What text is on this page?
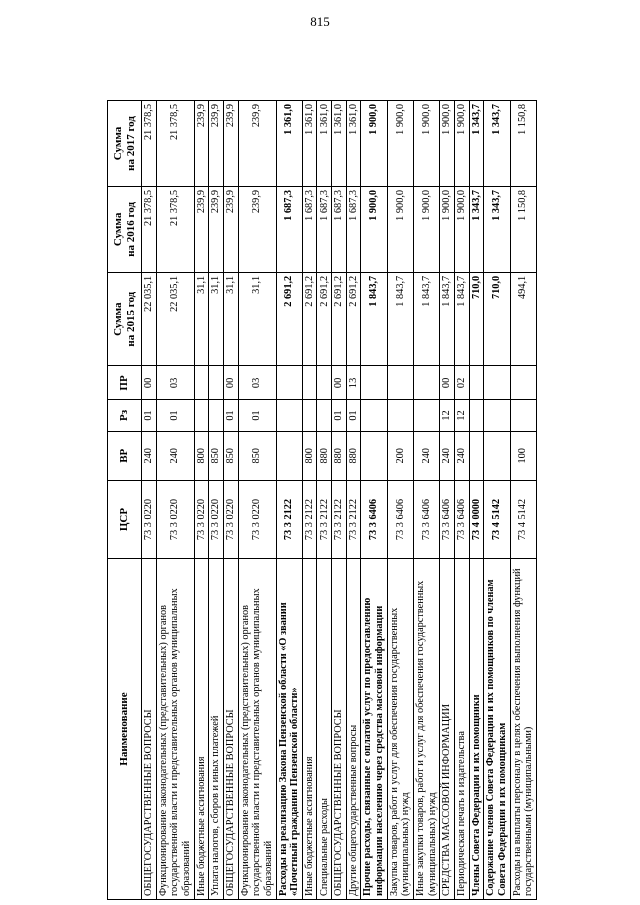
815
Наименование	ЦСР	ВР	Рз	ПР	Сумма на 2015 год	Сумма на 2016 год	Сумма на 2017 год

ОБЩЕГОСУДАРСТВЕННЫЕ ВОПРОСЫ	73 3 0220	240	01	00	22 035,1	21 378,5	21 378,5
Функционирование законодательных (представительных) органов государственной власти и представительных органов муниципальных образований	73 3 0220	240	01	03	22 035,1	21 378,5	21 378,5
Иные бюджетные ассигнования	73 3 0220	800			31,1	239,9	239,9
Уплата налогов, сборов и иных платежей	73 3 0220	850			31,1	239,9	239,9
ОБЩЕГОСУДАРСТВЕННЫЕ ВОПРОСЫ	73 3 0220	850	01	00	31,1	239,9	239,9
Функционирование законодательных (представительных) органов государственной власти и представительных органов муниципальных образований	73 3 0220	850	01	03	31,1	239,9	239,9
Расходы на реализацию Закона Пензенской области «О звании «Почетный гражданин Пензенской области»	73 3 2122				2 691,2	1 687,3	1 361,0
Иные бюджетные ассигнования	73 3 2122	800			2 691,2	1 687,3	1 361,0
Специальные расходы	73 3 2122	880			2 691,2	1 687,3	1 361,0
ОБЩЕГОСУДАРСТВЕННЫЕ ВОПРОСЫ	73 3 2122	880	01	00	2 691,2	1 687,3	1 361,0
Другие общегосударственные вопросы	73 3 2122	880	01	13	2 691,2	1 687,3	1 361,0
Прочие расходы, связанные с оплатой услуг по предоставлению информации населению через средства массовой информации	73 3 6406				1 843,7	1 900,0	1 900,0
Закупка товаров, работ и услуг для обеспечения государственных (муниципальных) нужд	73 3 6406	200			1 843,7	1 900,0	1 900,0
Иные закупки товаров, работ и услуг для обеспечения государственных (муниципальных) нужд	73 3 6406	240			1 843,7	1 900,0	1 900,0
СРЕДСТВА МАССОВОЙ ИНФОРМАЦИИ	73 3 6406	240	12	00	1 843,7	1 900,0	1 900,0
Периодическая печать и издательства	73 3 6406	240	12	02	1 843,7	1 900,0	1 900,0
Члены Совета Федерации и их помощники	73 4 0000				710,0	1 343,7	1 343,7
Содержание членов Совета Федерации и их помощников по членам Совета Федерации и их помощникам	73 4 5142				710,0	1 343,7	1 343,7
Расходы на выплаты персоналу в целях обеспечения выполнения функций государственными (муниципальными)	73 4 5142	100			494,1	1 150,8	1 150,8
